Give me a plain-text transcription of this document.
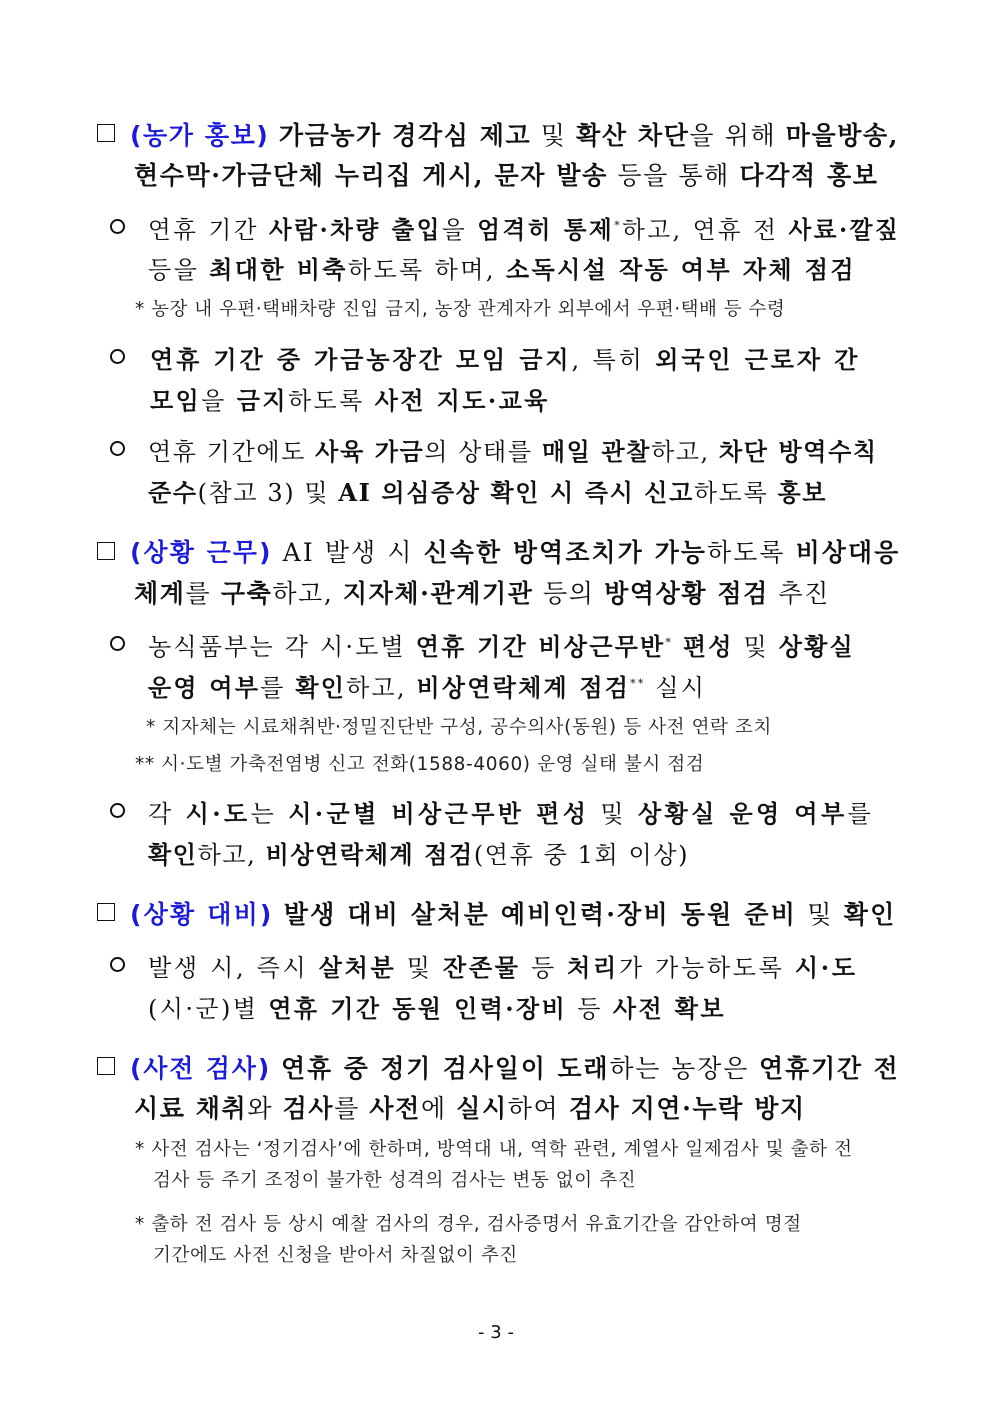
(농가 홍보) 가금농가 경각심 제고 및 확산 차단을 위해 마을방송,
현수막·가금단체 누리집 게시, 문자 발송 등을 통해 다각적 홍보
연휴 기간 사람·차량 출입을 엄격히 통제*하고, 연휴 전 사료·깔짚
등을 최대한 비축하도록 하며, 소독시설 작동 여부 자체 점검
* 농장 내 우편·택배차량 진입 금지, 농장 관계자가 외부에서 우편·택배 등 수령
연휴 기간 중 가금농장간 모임 금지, 특히 외국인 근로자 간
모임을 금지하도록 사전 지도·교육
연휴 기간에도 사육 가금의 상태를 매일 관찰하고, 차단 방역수칙
준수(참고 3) 및 AI 의심증상 확인 시 즉시 신고하도록 홍보
(상황 근무) AI 발생 시 신속한 방역조치가 가능하도록 비상대응
체계를 구축하고, 지자체·관계기관 등의 방역상황 점검 추진
농식품부는 각 시·도별 연휴 기간 비상근무반* 편성 및 상황실
운영 여부를 확인하고, 비상연락체계 점검** 실시
* 지자체는 시료채취반·정밀진단반 구성, 공수의사(동원) 등 사전 연락 조치
** 시·도별 가축전염병 신고 전화(1588-4060) 운영 실태 불시 점검
각 시·도는 시·군별 비상근무반 편성 및 상황실 운영 여부를
확인하고, 비상연락체계 점검(연휴 중 1회 이상)
(상황 대비) 발생 대비 살처분 예비인력·장비 동원 준비 및 확인
발생 시, 즉시 살처분 및 잔존물 등 처리가 가능하도록 시·도
(시·군)별 연휴 기간 동원 인력·장비 등 사전 확보
(사전 검사) 연휴 중 정기 검사일이 도래하는 농장은 연휴기간 전
시료 채취와 검사를 사전에 실시하여 검사 지연·누락 방지
* 사전 검사는 ‘정기검사’에 한하며, 방역대 내, 역학 관련, 계열사 일제검사 및 출하 전
검사 등 주기 조정이 불가한 성격의 검사는 변동 없이 추진
* 출하 전 검사 등 상시 예찰 검사의 경우, 검사증명서 유효기간을 감안하여 명절
기간에도 사전 신청을 받아서 차질없이 추진
- 3 -
